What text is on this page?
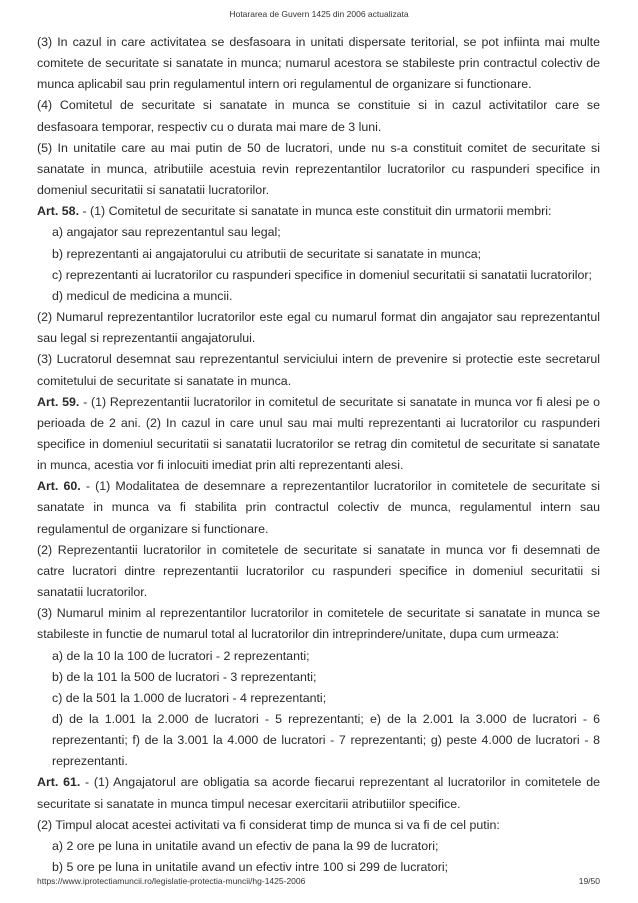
Hotararea de Guvern 1425 din 2006 actualizata

(3) In cazul in care activitatea se desfasoara in unitati dispersate teritorial, se pot infiinta mai multe comitete de securitate si sanatate in munca; numarul acestora se stabileste prin contractul colectiv de munca aplicabil sau prin regulamentul intern ori regulamentul de organizare si functionare.

(4) Comitetul de securitate si sanatate in munca se constituie si in cazul activitatilor care se desfasoara temporar, respectiv cu o durata mai mare de 3 luni.

(5) In unitatile care au mai putin de 50 de lucratori, unde nu s-a constituit comitet de securitate si sanatate in munca, atributiile acestuia revin reprezentantilor lucratorilor cu raspunderi specifice in domeniul securitatii si sanatatii lucratorilor.

Art. 58. - (1) Comitetul de securitate si sanatate in munca este constituit din urmatorii membri:

a) angajator sau reprezentantul sau legal;

b) reprezentanti ai angajatorului cu atributii de securitate si sanatate in munca;

c) reprezentanti ai lucratorilor cu raspunderi specifice in domeniul securitatii si sanatatii lucratorilor;

d) medicul de medicina a muncii.

(2) Numarul reprezentantilor lucratorilor este egal cu numarul format din angajator sau reprezentantul sau legal si reprezentantii angajatorului.

(3) Lucratorul desemnat sau reprezentantul serviciului intern de prevenire si protectie este secretarul comitetului de securitate si sanatate in munca.

Art. 59. - (1) Reprezentantii lucratorilor in comitetul de securitate si sanatate in munca vor fi alesi pe o perioada de 2 ani. (2) In cazul in care unul sau mai multi reprezentanti ai lucratorilor cu raspunderi specifice in domeniul securitatii si sanatatii lucratorilor se retrag din comitetul de securitate si sanatate in munca, acestia vor fi inlocuiti imediat prin alti reprezentanti alesi.

Art. 60. - (1) Modalitatea de desemnare a reprezentantilor lucratorilor in comitetele de securitate si sanatate in munca va fi stabilita prin contractul colectiv de munca, regulamentul intern sau regulamentul de organizare si functionare.

(2) Reprezentantii lucratorilor in comitetele de securitate si sanatate in munca vor fi desemnati de catre lucratori dintre reprezentantii lucratorilor cu raspunderi specifice in domeniul securitatii si sanatatii lucratorilor.

(3) Numarul minim al reprezentantilor lucratorilor in comitetele de securitate si sanatate in munca se stabileste in functie de numarul total al lucratorilor din intreprindere/unitate, dupa cum urmeaza:

a) de la 10 la 100 de lucratori - 2 reprezentanti;

b) de la 101 la 500 de lucratori - 3 reprezentanti;

c) de la 501 la 1.000 de lucratori - 4 reprezentanti;

d) de la 1.001 la 2.000 de lucratori - 5 reprezentanti; e) de la 2.001 la 3.000 de lucratori - 6 reprezentanti; f) de la 3.001 la 4.000 de lucratori - 7 reprezentanti; g) peste 4.000 de lucratori - 8 reprezentanti.

Art. 61. - (1) Angajatorul are obligatia sa acorde fiecarui reprezentant al lucratorilor in comitetele de securitate si sanatate in munca timpul necesar exercitarii atributiilor specifice.

(2) Timpul alocat acestei activitati va fi considerat timp de munca si va fi de cel putin:

a) 2 ore pe luna in unitatile avand un efectiv de pana la 99 de lucratori;

b) 5 ore pe luna in unitatile avand un efectiv intre 100 si 299 de lucratori;

https://www.iprotectiamuncii.ro/legislatie-protectia-muncii/hg-1425-2006	19/50
